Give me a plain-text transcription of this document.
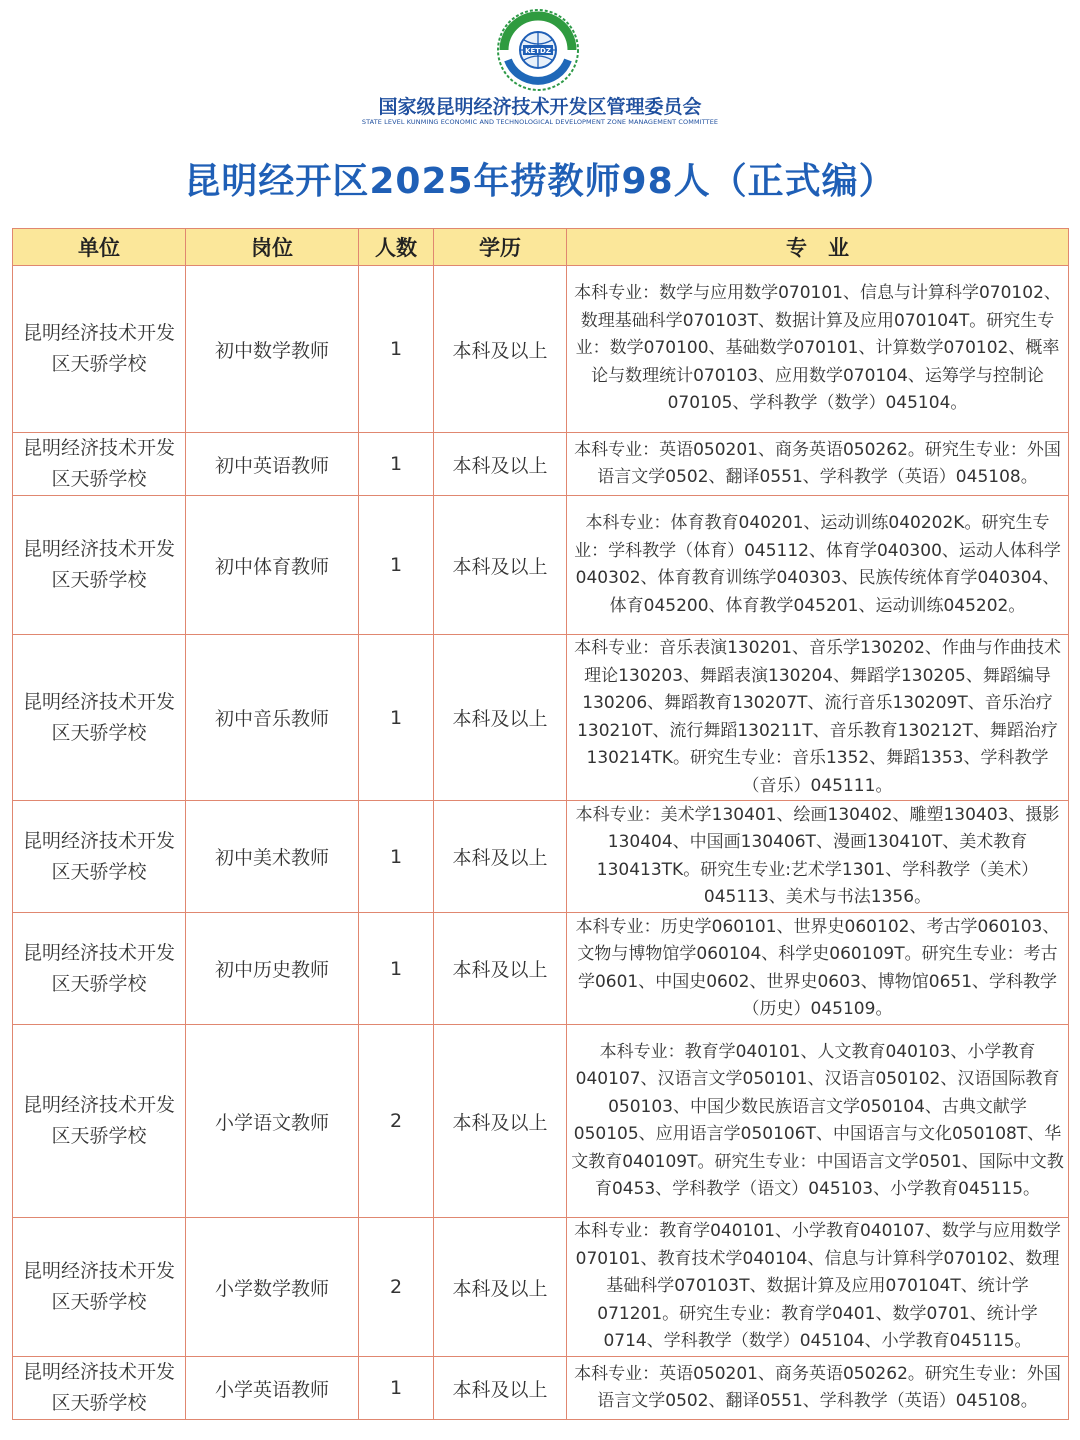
KETDZ
国家级昆明经济技术开发区管理委员会
STATE LEVEL KUNMING ECONOMIC AND TECHNOLOGICAL DEVELOPMENT ZONE MANAGEMENT COMMITTEE
昆明经开区2025年捞教师98人（正式编）
单位	岗位	人数	学历	专　业
昆明经济技术开发区天骄学校	初中数学教师	1	本科及以上	本科专业：数学与应用数学070101、信息与计算科学070102、数理基础科学070103T、数据计算及应用070104T。研究生专业：数学070100、基础数学070101、计算数学070102、概率论与数理统计070103、应用数学070104、运筹学与控制论070105、学科教学（数学）045104。
昆明经济技术开发区天骄学校	初中英语教师	1	本科及以上	本科专业：英语050201、商务英语050262。研究生专业：外国语言文学0502、翻译0551、学科教学（英语）045108。
昆明经济技术开发区天骄学校	初中体育教师	1	本科及以上	本科专业：体育教育040201、运动训练040202K。研究生专业：学科教学（体育）045112、体育学040300、运动人体科学040302、体育教育训练学040303、民族传统体育学040304、体育045200、体育教学045201、运动训练045202。
昆明经济技术开发区天骄学校	初中音乐教师	1	本科及以上	本科专业：音乐表演130201、音乐学130202、作曲与作曲技术理论130203、舞蹈表演130204、舞蹈学130205、舞蹈编导130206、舞蹈教育130207T、流行音乐130209T、音乐治疗130210T、流行舞蹈130211T、音乐教育130212T、舞蹈治疗130214TK。研究生专业：音乐1352、舞蹈1353、学科教学（音乐）045111。
昆明经济技术开发区天骄学校	初中美术教师	1	本科及以上	本科专业：美术学130401、绘画130402、雕塑130403、摄影130404、中国画130406T、漫画130410T、美术教育130413TK。研究生专业:艺术学1301、学科教学（美术）045113、美术与书法1356。
昆明经济技术开发区天骄学校	初中历史教师	1	本科及以上	本科专业：历史学060101、世界史060102、考古学060103、文物与博物馆学060104、科学史060109T。研究生专业：考古学0601、中国史0602、世界史0603、博物馆0651、学科教学（历史）045109。
昆明经济技术开发区天骄学校	小学语文教师	2	本科及以上	本科专业：教育学040101、人文教育040103、小学教育040107、汉语言文学050101、汉语言050102、汉语国际教育050103、中国少数民族语言文学050104、古典文献学050105、应用语言学050106T、中国语言与文化050108T、华文教育040109T。研究生专业：中国语言文学0501、国际中文教育0453、学科教学（语文）045103、小学教育045115。
昆明经济技术开发区天骄学校	小学数学教师	2	本科及以上	本科专业：教育学040101、小学教育040107、数学与应用数学070101、教育技术学040104、信息与计算科学070102、数理基础科学070103T、数据计算及应用070104T、统计学071201。研究生专业：教育学0401、数学0701、统计学0714、学科教学（数学）045104、小学教育045115。
昆明经济技术开发区天骄学校	小学英语教师	1	本科及以上	本科专业：英语050201、商务英语050262。研究生专业：外国语言文学0502、翻译0551、学科教学（英语）045108。
